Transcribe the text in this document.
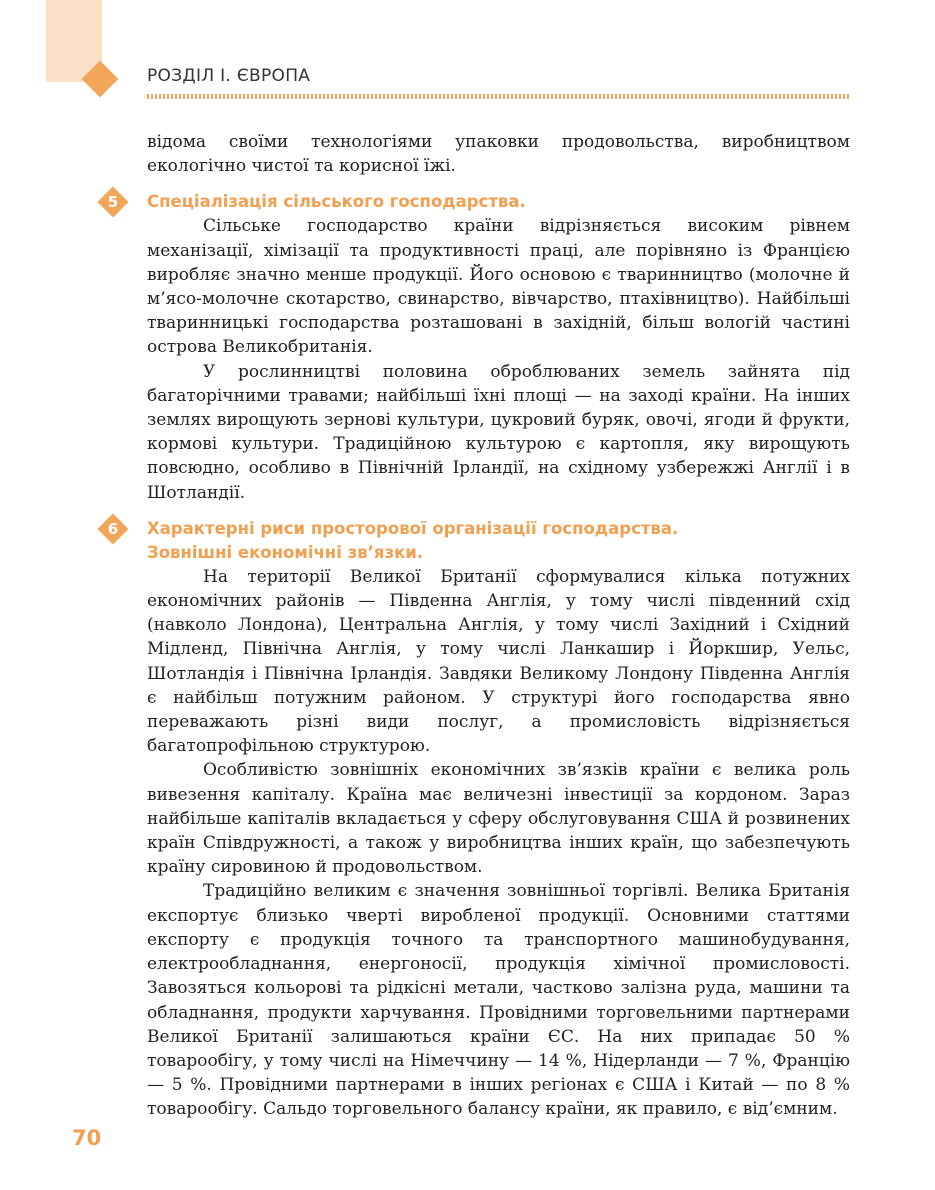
РОЗДІЛ І. ЄВРОПА

відома своїми технологіями упаковки продовольства, виробництвом екологічно чистої та корисної їжі.

5	Спеціалізація сільського господарства.

Сільське господарство країни відрізняється високим рівнем механізації, хімізації та продуктивності праці, але порівняно із Францією виробляє значно менше продукції. Його основою є тваринництво (молочне й м’ясо-молочне скотарство, свинарство, вівчарство, птахівництво). Найбільші тваринницькі господарства розташовані в західній, більш вологій частині острова Великобританія.

У рослинництві половина оброблюваних земель зайнята під багаторічними травами; найбільші їхні площі — на заході країни. На інших землях вирощують зернові культури, цукровий буряк, овочі, ягоди й фрукти, кормові культури. Традиційною культурою є картопля, яку вирощують повсюдно, особливо в Північній Ірландії, на східному узбережжі Англії і в Шотландії.

6	Характерні риси просторової організації господарства.
Зовнішні економічні зв’язки.

На території Великої Британії сформувалися кілька потужних економічних районів — Південна Англія, у тому числі південний схід (навколо Лондона), Центральна Англія, у тому числі Західний і Східний Мідленд, Північна Англія, у тому числі Ланкашир і Йоркшир, Уельс, Шотландія і Північна Ірландія. Завдяки Великому Лондону Південна Англія є найбільш потужним районом. У структурі його господарства явно переважають різні види послуг, а промисловість відрізняється багатопрофільною структурою.

Особливістю зовнішніх економічних зв’язків країни є велика роль вивезення капіталу. Країна має величезні інвестиції за кордоном. Зараз найбільше капіталів вкладається у сферу обслуговування США й розвинених країн Співдружності, а також у виробництва інших країн, що забезпечують країну сировиною й продовольством.

Традиційно великим є значення зовнішньої торгівлі. Велика Британія експортує близько чверті виробленої продукції. Основними статтями експорту є продукція точного та транспортного машинобудування, електрообладнання, енергоносії, продукція хімічної промисловості. Завозяться кольорові та рідкісні метали, частково залізна руда, машини та обладнання, продукти харчування. Провідними торговельними партнерами Великої Британії залишаються країни ЄС. На них припадає 50 % товарообігу, у тому числі на Німеччину — 14 %, Нідерланди — 7 %, Францію — 5 %. Провідними партнерами в інших регіонах є США і Китай — по 8 % товарообігу. Сальдо торговельного балансу країни, як правило, є від’ємним.

70
